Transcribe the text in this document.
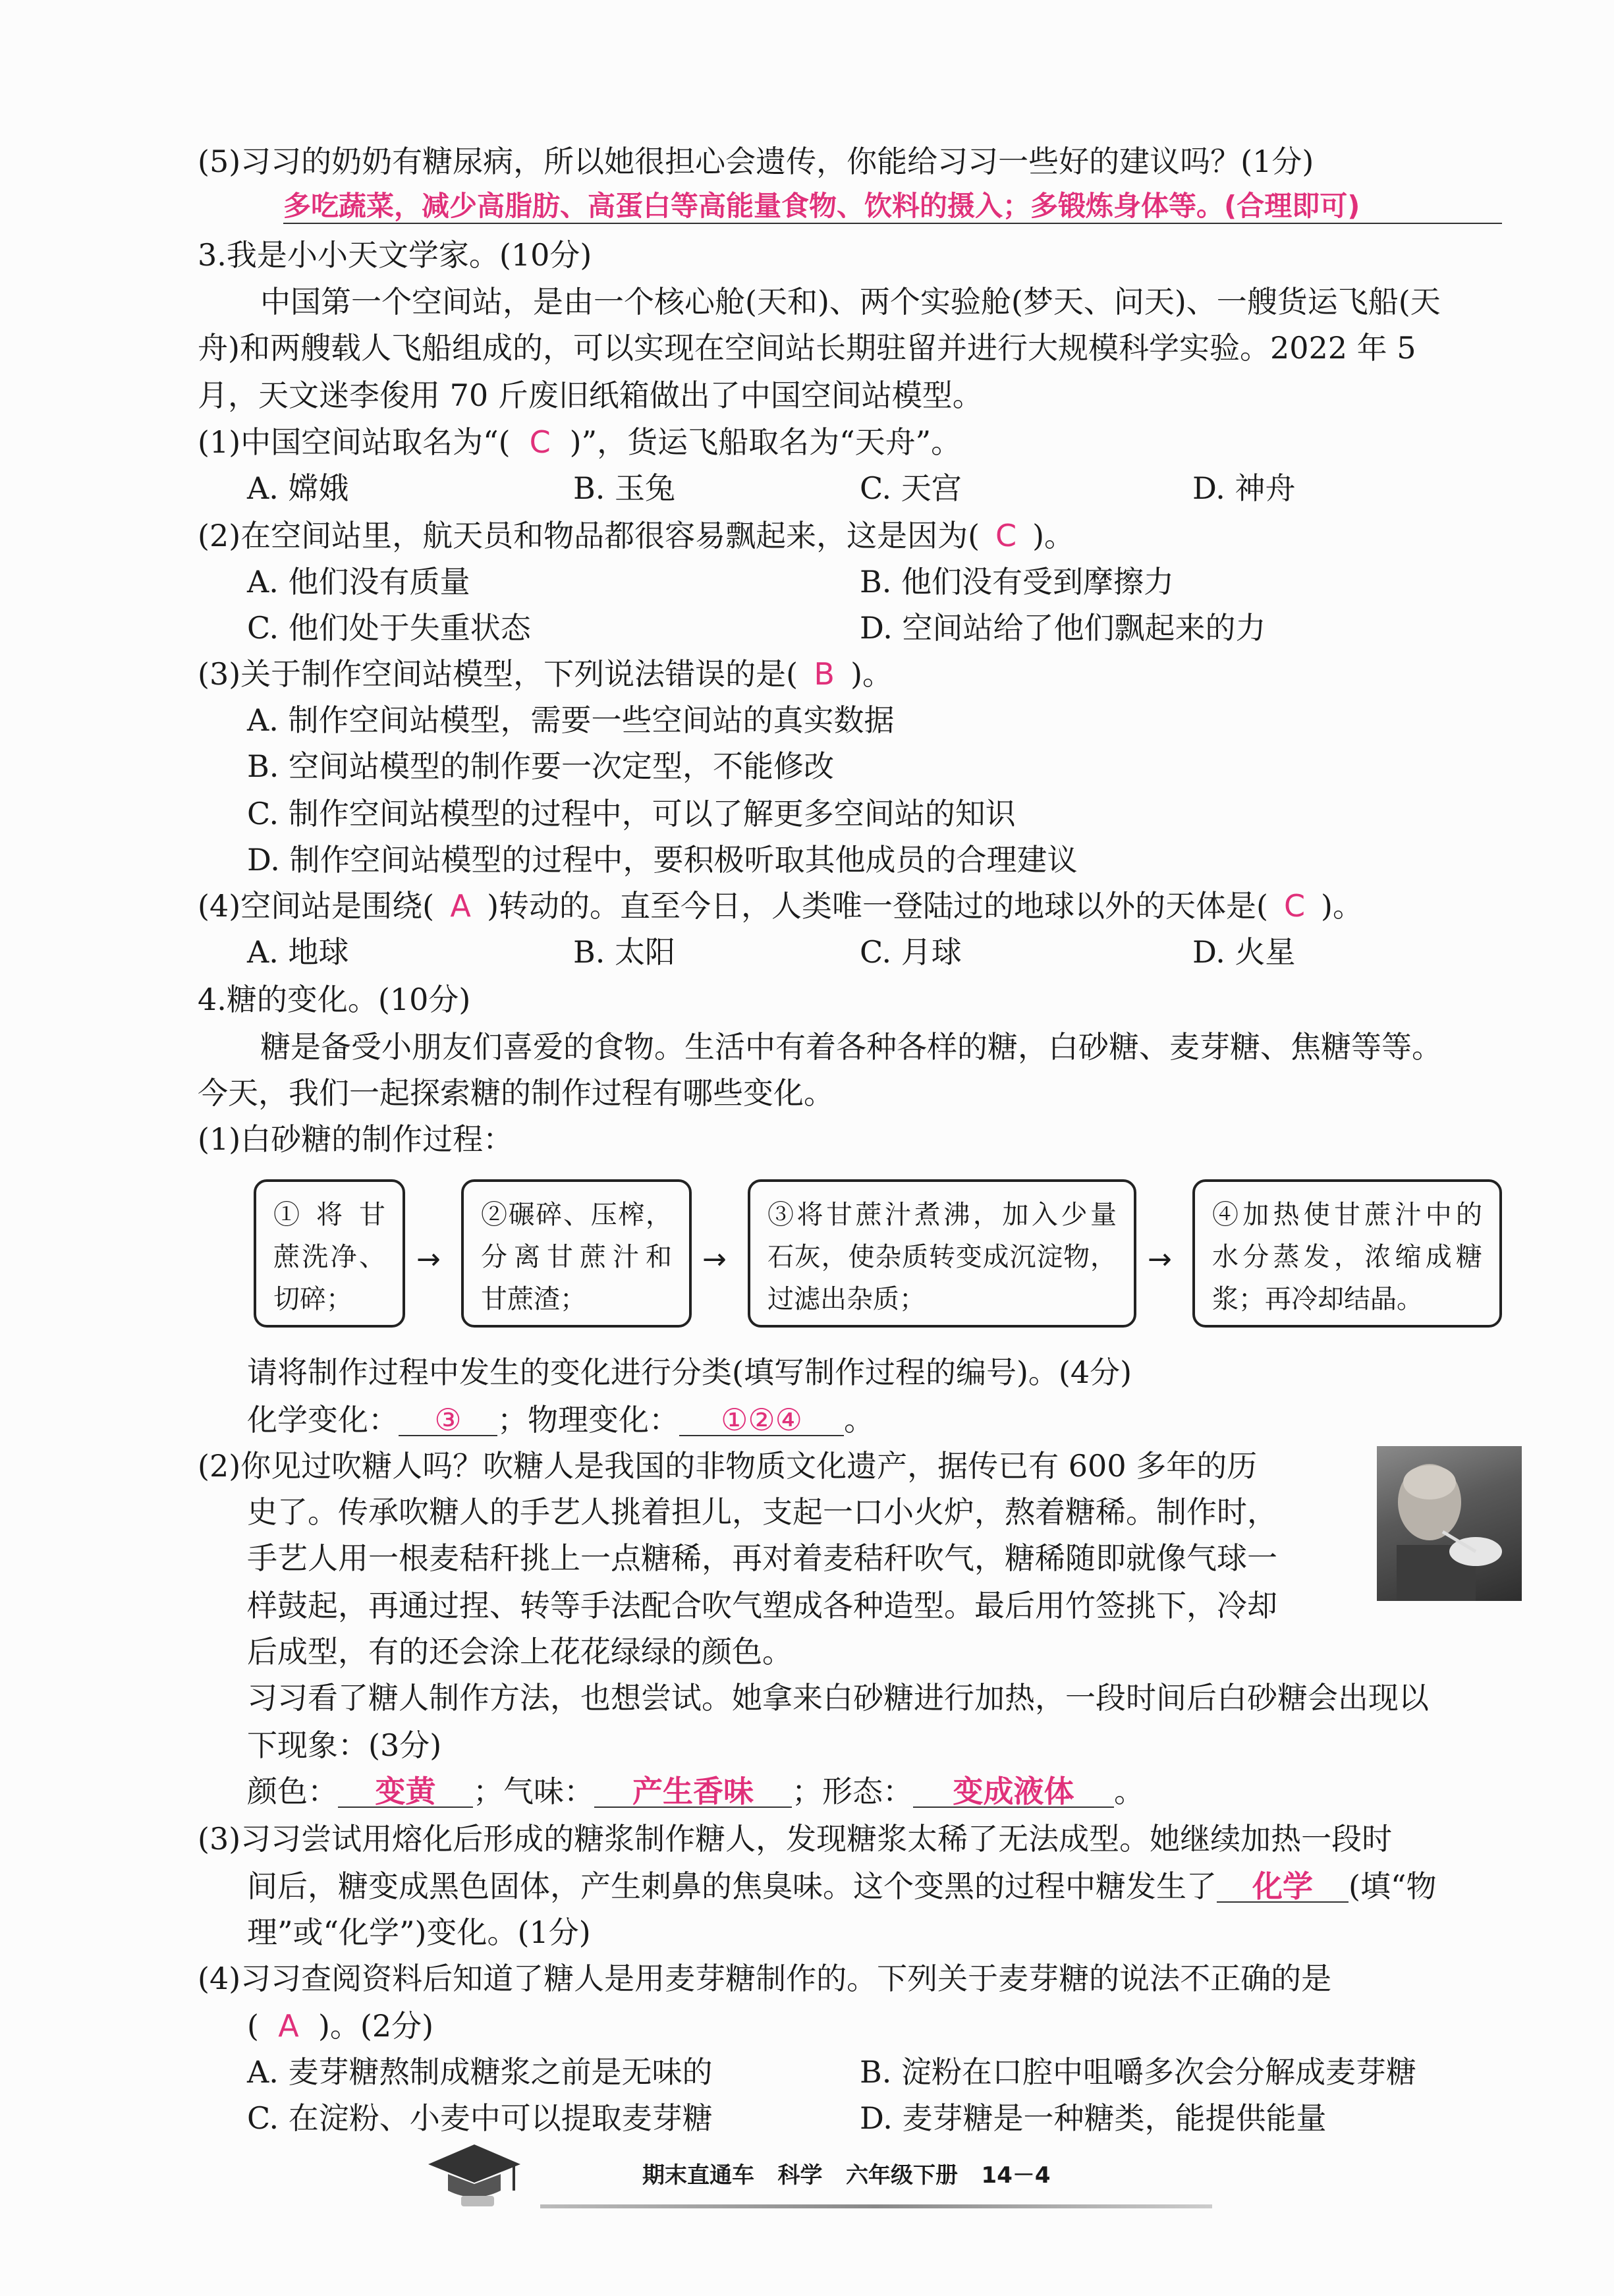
(5)习习的奶奶有糖尿病，所以她很担心会遗传，你能给习习一些好的建议吗？(1分)
多吃蔬菜，减少高脂肪、高蛋白等高能量食物、饮料的摄入；多锻炼身体等。(合理即可)
3.我是小小天文学家。(10分)
中国第一个空间站，是由一个核心舱(天和)、两个实验舱(梦天、问天)、一艘货运飞船(天
舟)和两艘载人飞船组成的，可以实现在空间站长期驻留并进行大规模科学实验。2022 年 5
月，天文迷李俊用 70 斤废旧纸箱做出了中国空间站模型。
(1)中国空间站取名为“( C )”，货运飞船取名为“天舟”。
A. 嫦娥	B. 玉兔	C. 天宫	D. 神舟
(2)在空间站里，航天员和物品都很容易飘起来，这是因为( C )。
A. 他们没有质量	B. 他们没有受到摩擦力
C. 他们处于失重状态	D. 空间站给了他们飘起来的力
(3)关于制作空间站模型，下列说法错误的是( B )。
A. 制作空间站模型，需要一些空间站的真实数据
B. 空间站模型的制作要一次定型，不能修改
C. 制作空间站模型的过程中，可以了解更多空间站的知识
D. 制作空间站模型的过程中，要积极听取其他成员的合理建议
(4)空间站是围绕( A )转动的。直至今日，人类唯一登陆过的地球以外的天体是( C )。
A. 地球	B. 太阳	C. 月球	D. 火星
4.糖的变化。(10分)
糖是备受小朋友们喜爱的食物。生活中有着各种各样的糖，白砂糖、麦芽糖、焦糖等等。
今天，我们一起探索糖的制作过程有哪些变化。
(1)白砂糖的制作过程：
① 将 甘
蔗洗净、
切碎；
→
②碾碎、压榨，
分离甘蔗汁和
甘蔗渣；
→
③将甘蔗汁煮沸，加入少量
石灰，使杂质转变成沉淀物，
过滤出杂质；
→
④加热使甘蔗汁中的
水分蒸发，浓缩成糖
浆；再冷却结晶。
请将制作过程中发生的变化进行分类(填写制作过程的编号)。(4分)
化学变化： ③ ；物理变化： ①②④ 。
(2)你见过吹糖人吗？吹糖人是我国的非物质文化遗产，据传已有 600 多年的历
史了。传承吹糖人的手艺人挑着担儿，支起一口小火炉，熬着糖稀。制作时，
手艺人用一根麦秸秆挑上一点糖稀，再对着麦秸秆吹气，糖稀随即就像气球一
样鼓起，再通过捏、转等手法配合吹气塑成各种造型。最后用竹签挑下，冷却
后成型，有的还会涂上花花绿绿的颜色。
习习看了糖人制作方法，也想尝试。她拿来白砂糖进行加热，一段时间后白砂糖会出现以
下现象：(3分)
颜色： 变黄 ；气味： 产生香味 ；形态： 变成液体 。
(3)习习尝试用熔化后形成的糖浆制作糖人，发现糖浆太稀了无法成型。她继续加热一段时
间后，糖变成黑色固体，产生刺鼻的焦臭味。这个变黑的过程中糖发生了 化学 (填“物
理”或“化学”)变化。(1分)
(4)习习查阅资料后知道了糖人是用麦芽糖制作的。下列关于麦芽糖的说法不正确的是
( A )。(2分)
A. 麦芽糖熬制成糖浆之前是无味的	B. 淀粉在口腔中咀嚼多次会分解成麦芽糖
C. 在淀粉、小麦中可以提取麦芽糖	D. 麦芽糖是一种糖类，能提供能量
期末直通车   科学   六年级下册   14－4
